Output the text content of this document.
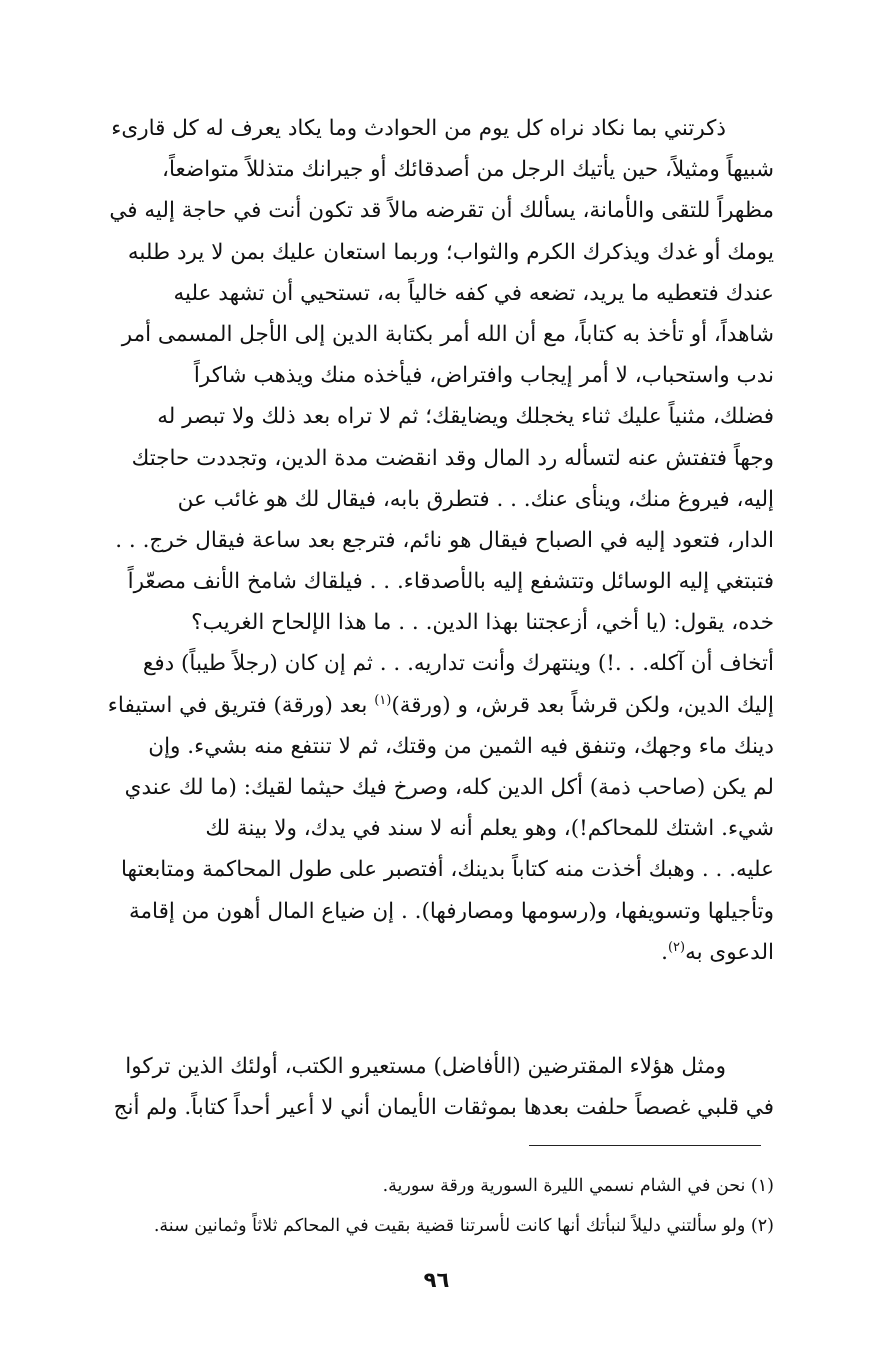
ذكرتني بما نكاد نراه كل يوم من الحوادث وما يكاد يعرف له كل قارىء
شبيهاً ومثيلاً، حين يأتيك الرجل من أصدقائك أو جيرانك متذللاً متواضعاً،
مظهراً للتقى والأمانة، يسألك أن تقرضه مالاً قد تكون أنت في حاجة إليه في
يومك أو غدك ويذكرك الكرم والثواب؛ وربما استعان عليك بمن لا يرد طلبه
عندك فتعطيه ما يريد، تضعه في كفه خالياً به، تستحيي أن تشهد عليه
شاهداً، أو تأخذ به كتاباً، مع أن الله أمر بكتابة الدين إلى الأجل المسمى أمر
ندب واستحباب، لا أمر إيجاب وافتراض، فيأخذه منك ويذهب شاكراً
فضلك، مثنياً عليك ثناء يخجلك ويضايقك؛ ثم لا تراه بعد ذلك ولا تبصر له
وجهاً فتفتش عنه لتسأله رد المال وقد انقضت مدة الدين، وتجددت حاجتك
إليه، فيروغ منك، وينأى عنك. . . فتطرق بابه، فيقال لك هو غائب عن
الدار، فتعود إليه في الصباح فيقال هو نائم، فترجع بعد ساعة فيقال خرج. . .
فتبتغي إليه الوسائل وتتشفع إليه بالأصدقاء. . . فيلقاك شامخ الأنف مصعّراً
خده، يقول: (يا أخي، أزعجتنا بهذا الدين. . . ما هذا الإلحاح الغريب؟
أتخاف أن آكله. . .!) وينتهرك وأنت تداريه. . . ثم إن كان (رجلاً طيباً) دفع
إليك الدين، ولكن قرشاً بعد قرش، و (ورقة)$^{(١)}$ بعد (ورقة) فتريق في استيفاء
دينك ماء وجهك، وتنفق فيه الثمين من وقتك، ثم لا تنتفع منه بشيء. وإن
لم يكن (صاحب ذمة) أكل الدين كله، وصرخ فيك حيثما لقيك: (ما لك عندي
شيء. اشتك للمحاكم!)، وهو يعلم أنه لا سند في يدك، ولا بينة لك
عليه. . . وهبك أخذت منه كتاباً بدينك، أفتصبر على طول المحاكمة ومتابعتها
وتأجيلها وتسويفها، و(رسومها ومصارفها). . إن ضياع المال أهون من إقامة
الدعوى به$^{(٢)}$.
ومثل هؤلاء المقترضين (الأفاضل) مستعيرو الكتب، أولئك الذين تركوا
في قلبي غصصاً حلفت بعدها بموثقات الأيمان أني لا أعير أحداً كتاباً. ولم أنج
(١) نحن في الشام نسمي الليرة السورية ورقة سورية.
(٢) ولو سألتني دليلاً لنبأتك أنها كانت لأسرتنا قضية بقيت في المحاكم ثلاثاً وثمانين سنة.
٩٦
